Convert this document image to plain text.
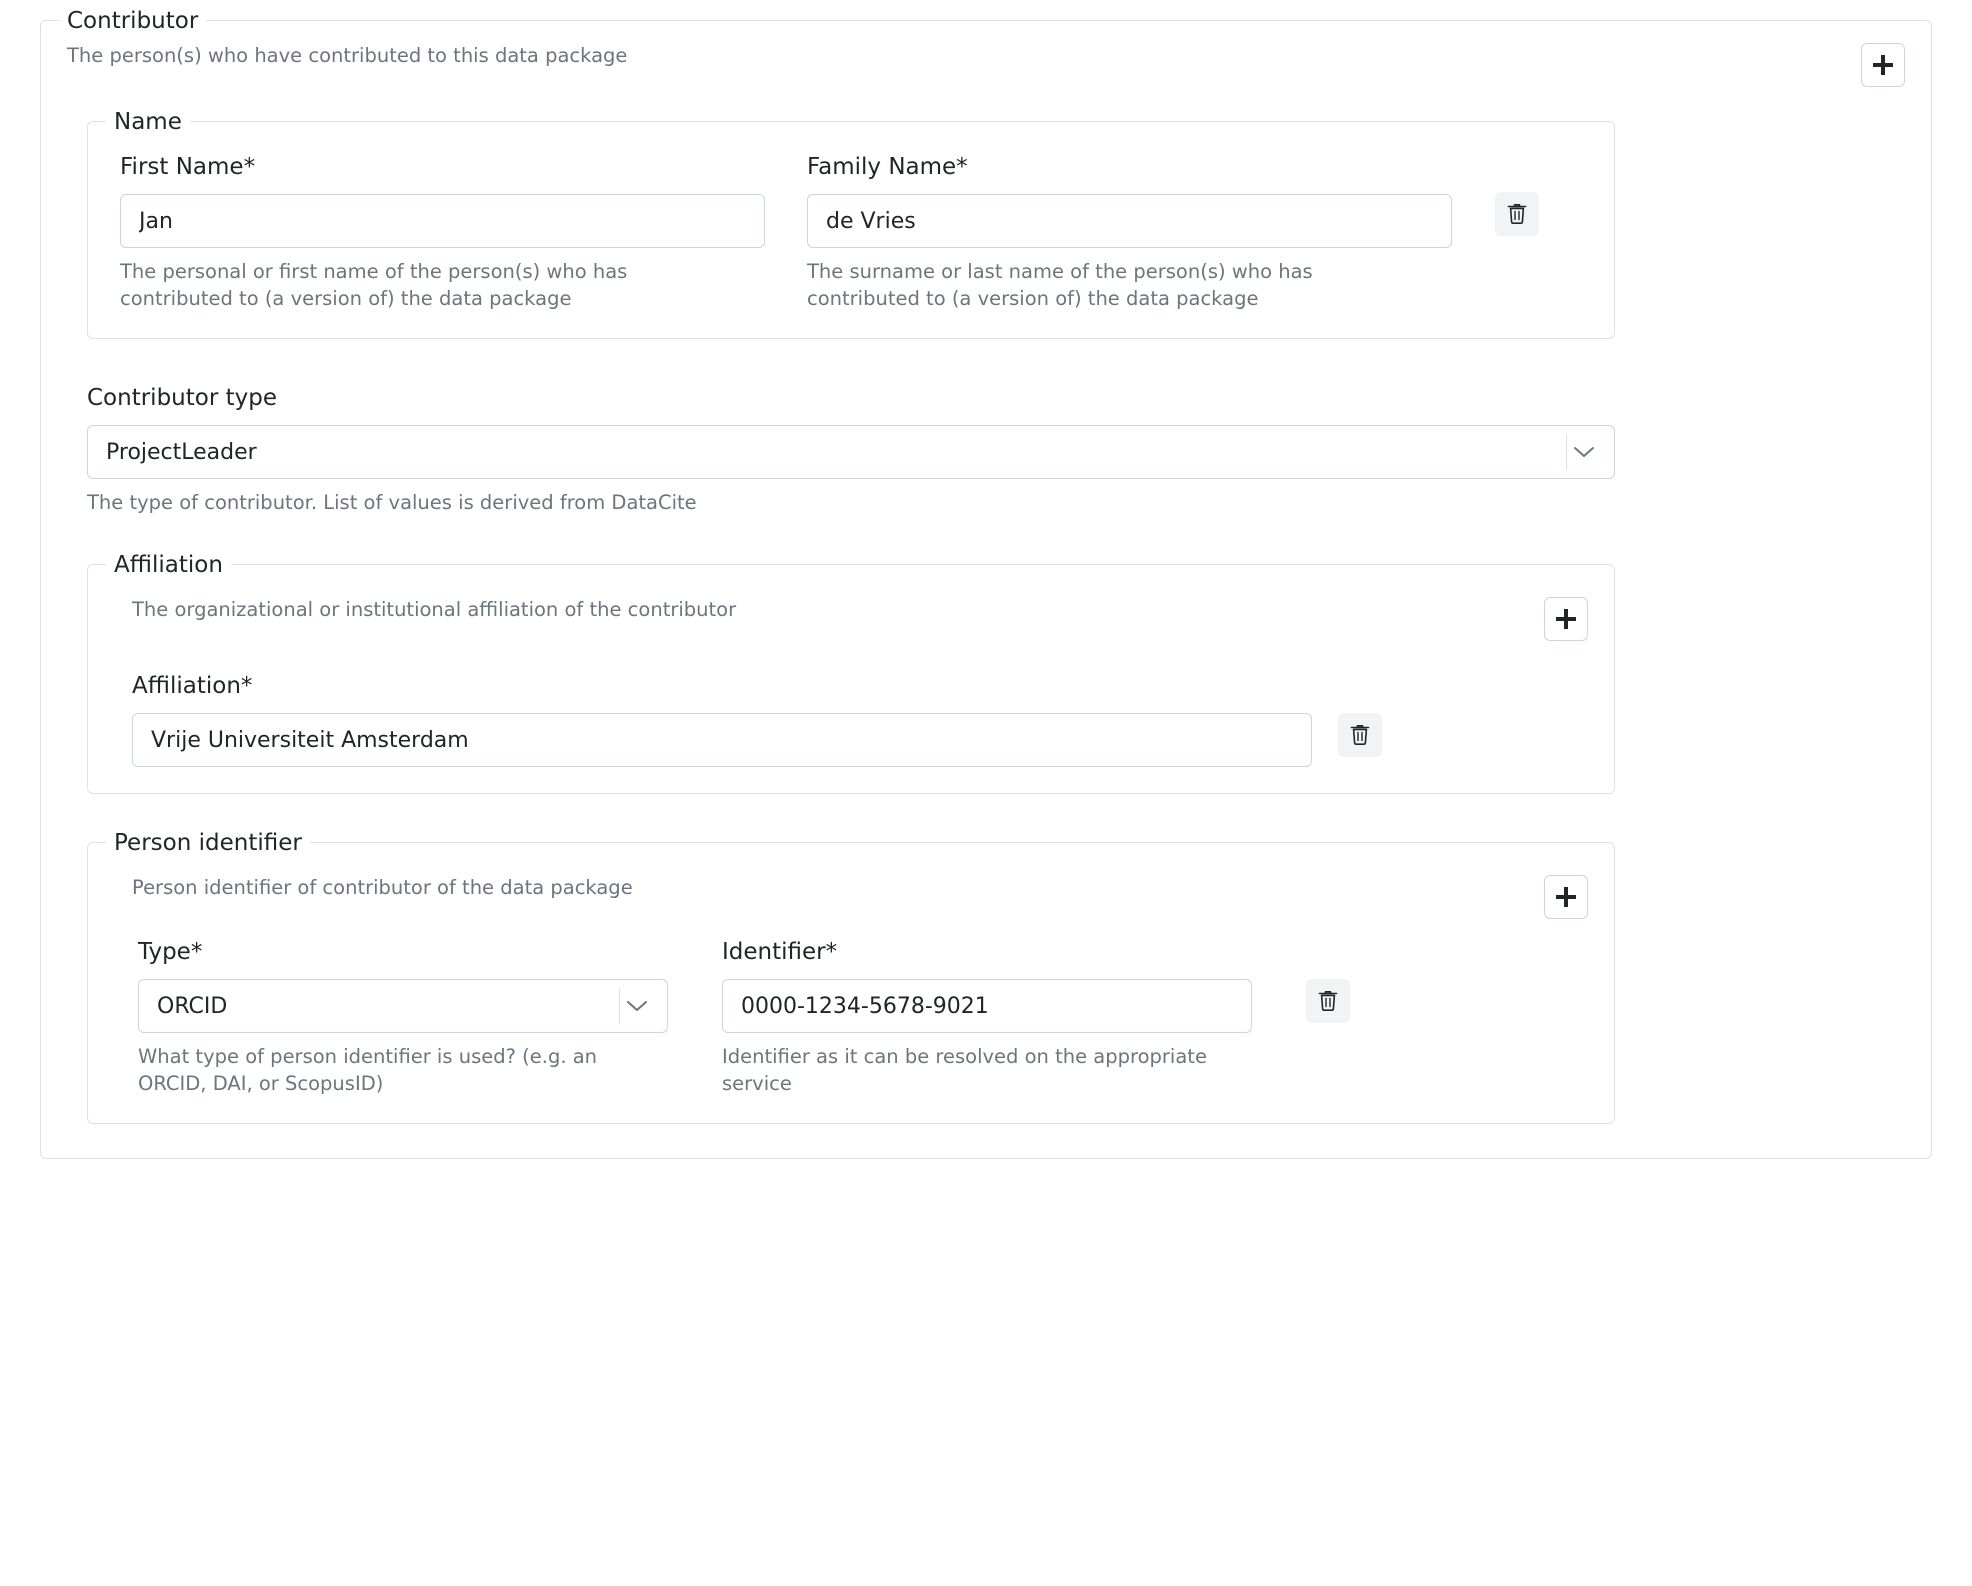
Contributor
The person(s) who have contributed to this data package
Name
First Name*
Jan
The personal or first name of the person(s) who has contributed to (a version of) the data package
Family Name*
de Vries
The surname or last name of the person(s) who has contributed to (a version of) the data package
Contributor type
ProjectLeader
The type of contributor. List of values is derived from DataCite
Affiliation
The organizational or institutional affiliation of the contributor
Affiliation*
Vrije Universiteit Amsterdam
Person identifier
Person identifier of contributor of the data package
Type*
ORCID
What type of person identifier is used? (e.g. an ORCID, DAI, or ScopusID)
Identifier*
0000-1234-5678-9021
Identifier as it can be resolved on the appropriate service
